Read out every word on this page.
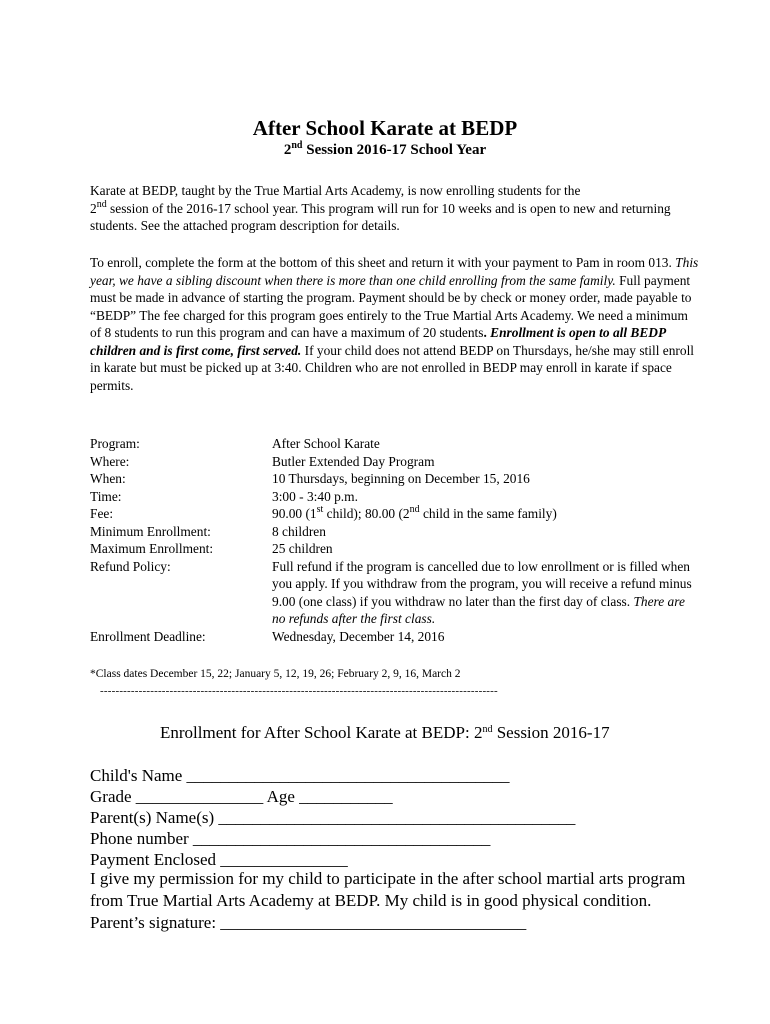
After School Karate at BEDP
2nd Session 2016-17 School Year
Karate at BEDP, taught by the True Martial Arts Academy, is now enrolling students for the
2nd session of the 2016-17 school year. This program will run for 10 weeks and is open to new and returning students. See the attached program description for details.
To enroll, complete the form at the bottom of this sheet and return it with your payment to Pam in room 013. This year, we have a sibling discount when there is more than one child enrolling from the same family. Full payment must be made in advance of starting the program. Payment should be by check or money order, made payable to “BEDP” The fee charged for this program goes entirely to the True Martial Arts Academy. We need a minimum of 8 students to run this program and can have a maximum of 20 students. Enrollment is open to all BEDP children and is first come, first served. If your child does not attend BEDP on Thursdays, he/she may still enroll in karate but must be picked up at 3:40. Children who are not enrolled in BEDP may enroll in karate if space permits.
Program:	After School Karate
Where:	Butler Extended Day Program
When:	10 Thursdays, beginning on December 15, 2016
Time:	3:00 - 3:40 p.m.
Fee:	90.00 (1st child); 80.00 (2nd child in the same family)
Minimum Enrollment:	8 children
Maximum Enrollment:	25 children
Refund Policy:	Full refund if the program is cancelled due to low enrollment or is filled when you apply. If you withdraw from the program, you will receive a refund minus 9.00 (one class) if you withdraw no later than the first day of class. There are no refunds after the first class.
Enrollment Deadline:	Wednesday, December 14, 2016
*Class dates December 15, 22; January 5, 12, 19, 26; February 2, 9, 16, March 2
-------------------------------------------------------------------------------------------------------
Enrollment for After School Karate at BEDP: 2nd Session 2016-17
Child's Name ______________________________________
Grade _______________ Age ___________
Parent(s) Name(s) __________________________________________
Phone number ___________________________________
Payment Enclosed _______________
I give my permission for my child to participate in the after school martial arts program from True Martial Arts Academy at BEDP. My child is in good physical condition. Parent’s signature: ____________________________________
